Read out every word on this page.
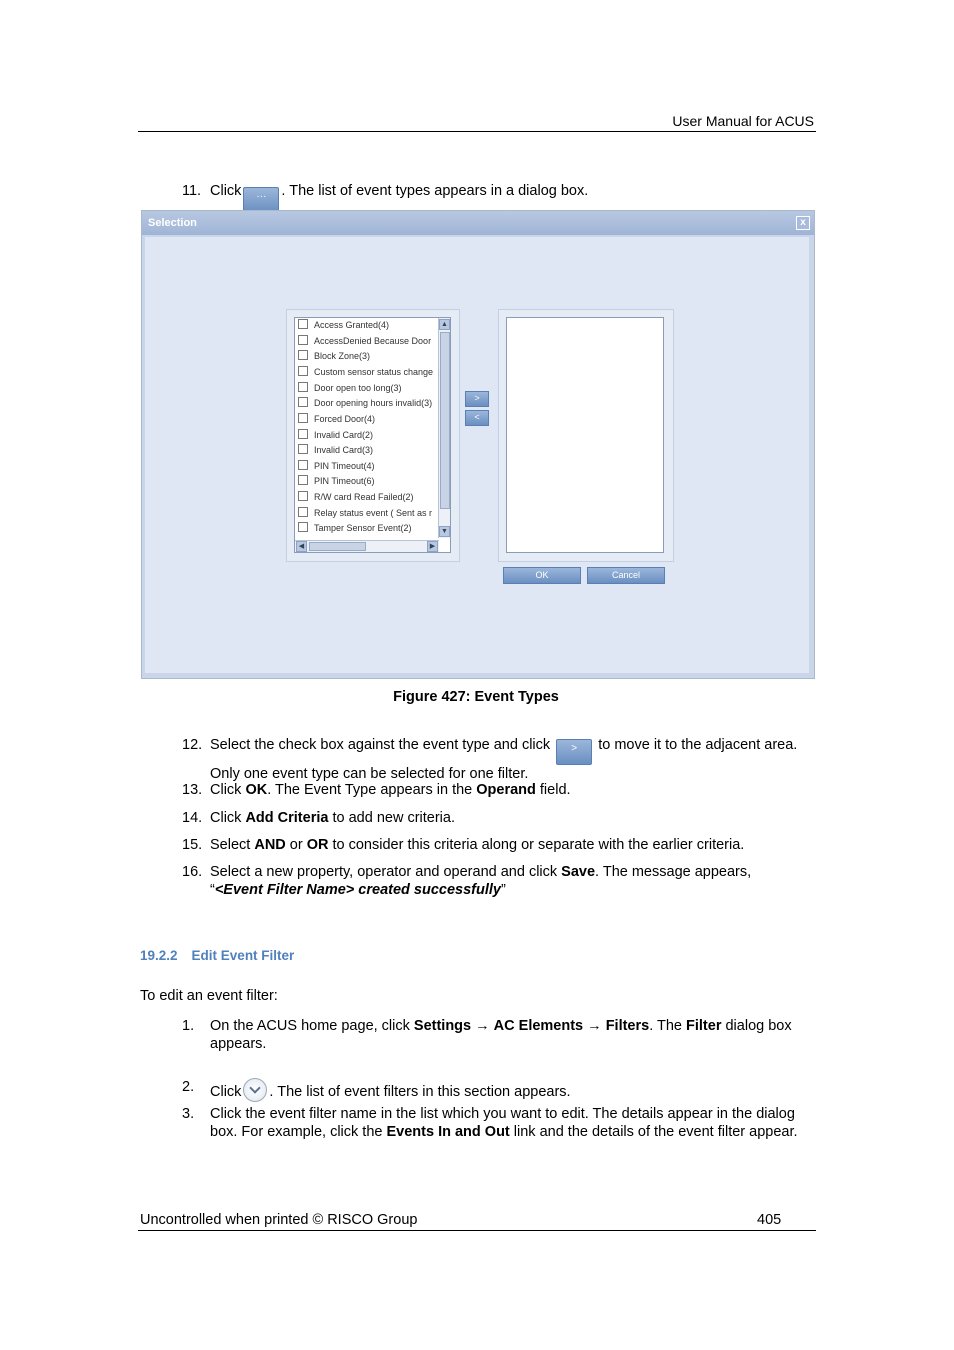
User Manual for ACUS
11. Click ··· . The list of event types appears in a dialog box.
Selection	x
Access Granted(4)
AccessDenied Because Door
Block Zone(3)
Custom sensor status change
Door open too long(3)
Door opening hours invalid(3)
Forced Door(4)
Invalid Card(2)
Invalid Card(3)
PIN Timeout(4)
PIN Timeout(6)
R/W card Read Failed(2)
Relay status event ( Sent as r
Tamper Sensor Event(2)
▲
▼
◀	▶
>
<
OK	Cancel
Figure 427: Event Types
12. Select the check box against the event type and click > to move it to the adjacent area. Only one event type can be selected for one filter.
13. Click OK. The Event Type appears in the Operand field.
14. Click Add Criteria to add new criteria.
15. Select AND or OR to consider this criteria along or separate with the earlier criteria.
16. Select a new property, operator and operand and click Save. The message appears,
“<Event Filter Name> created successfully”
19.2.2 Edit Event Filter
To edit an event filter:
1.	On the ACUS home page, click Settings → AC Elements → Filters. The Filter dialog box appears.
2.	Click . The list of event filters in this section appears.
3.	Click the event filter name in the list which you want to edit. The details appear in the dialog box. For example, click the Events In and Out link and the details of the event filter appear.
Uncontrolled when printed © RISCO Group	405
